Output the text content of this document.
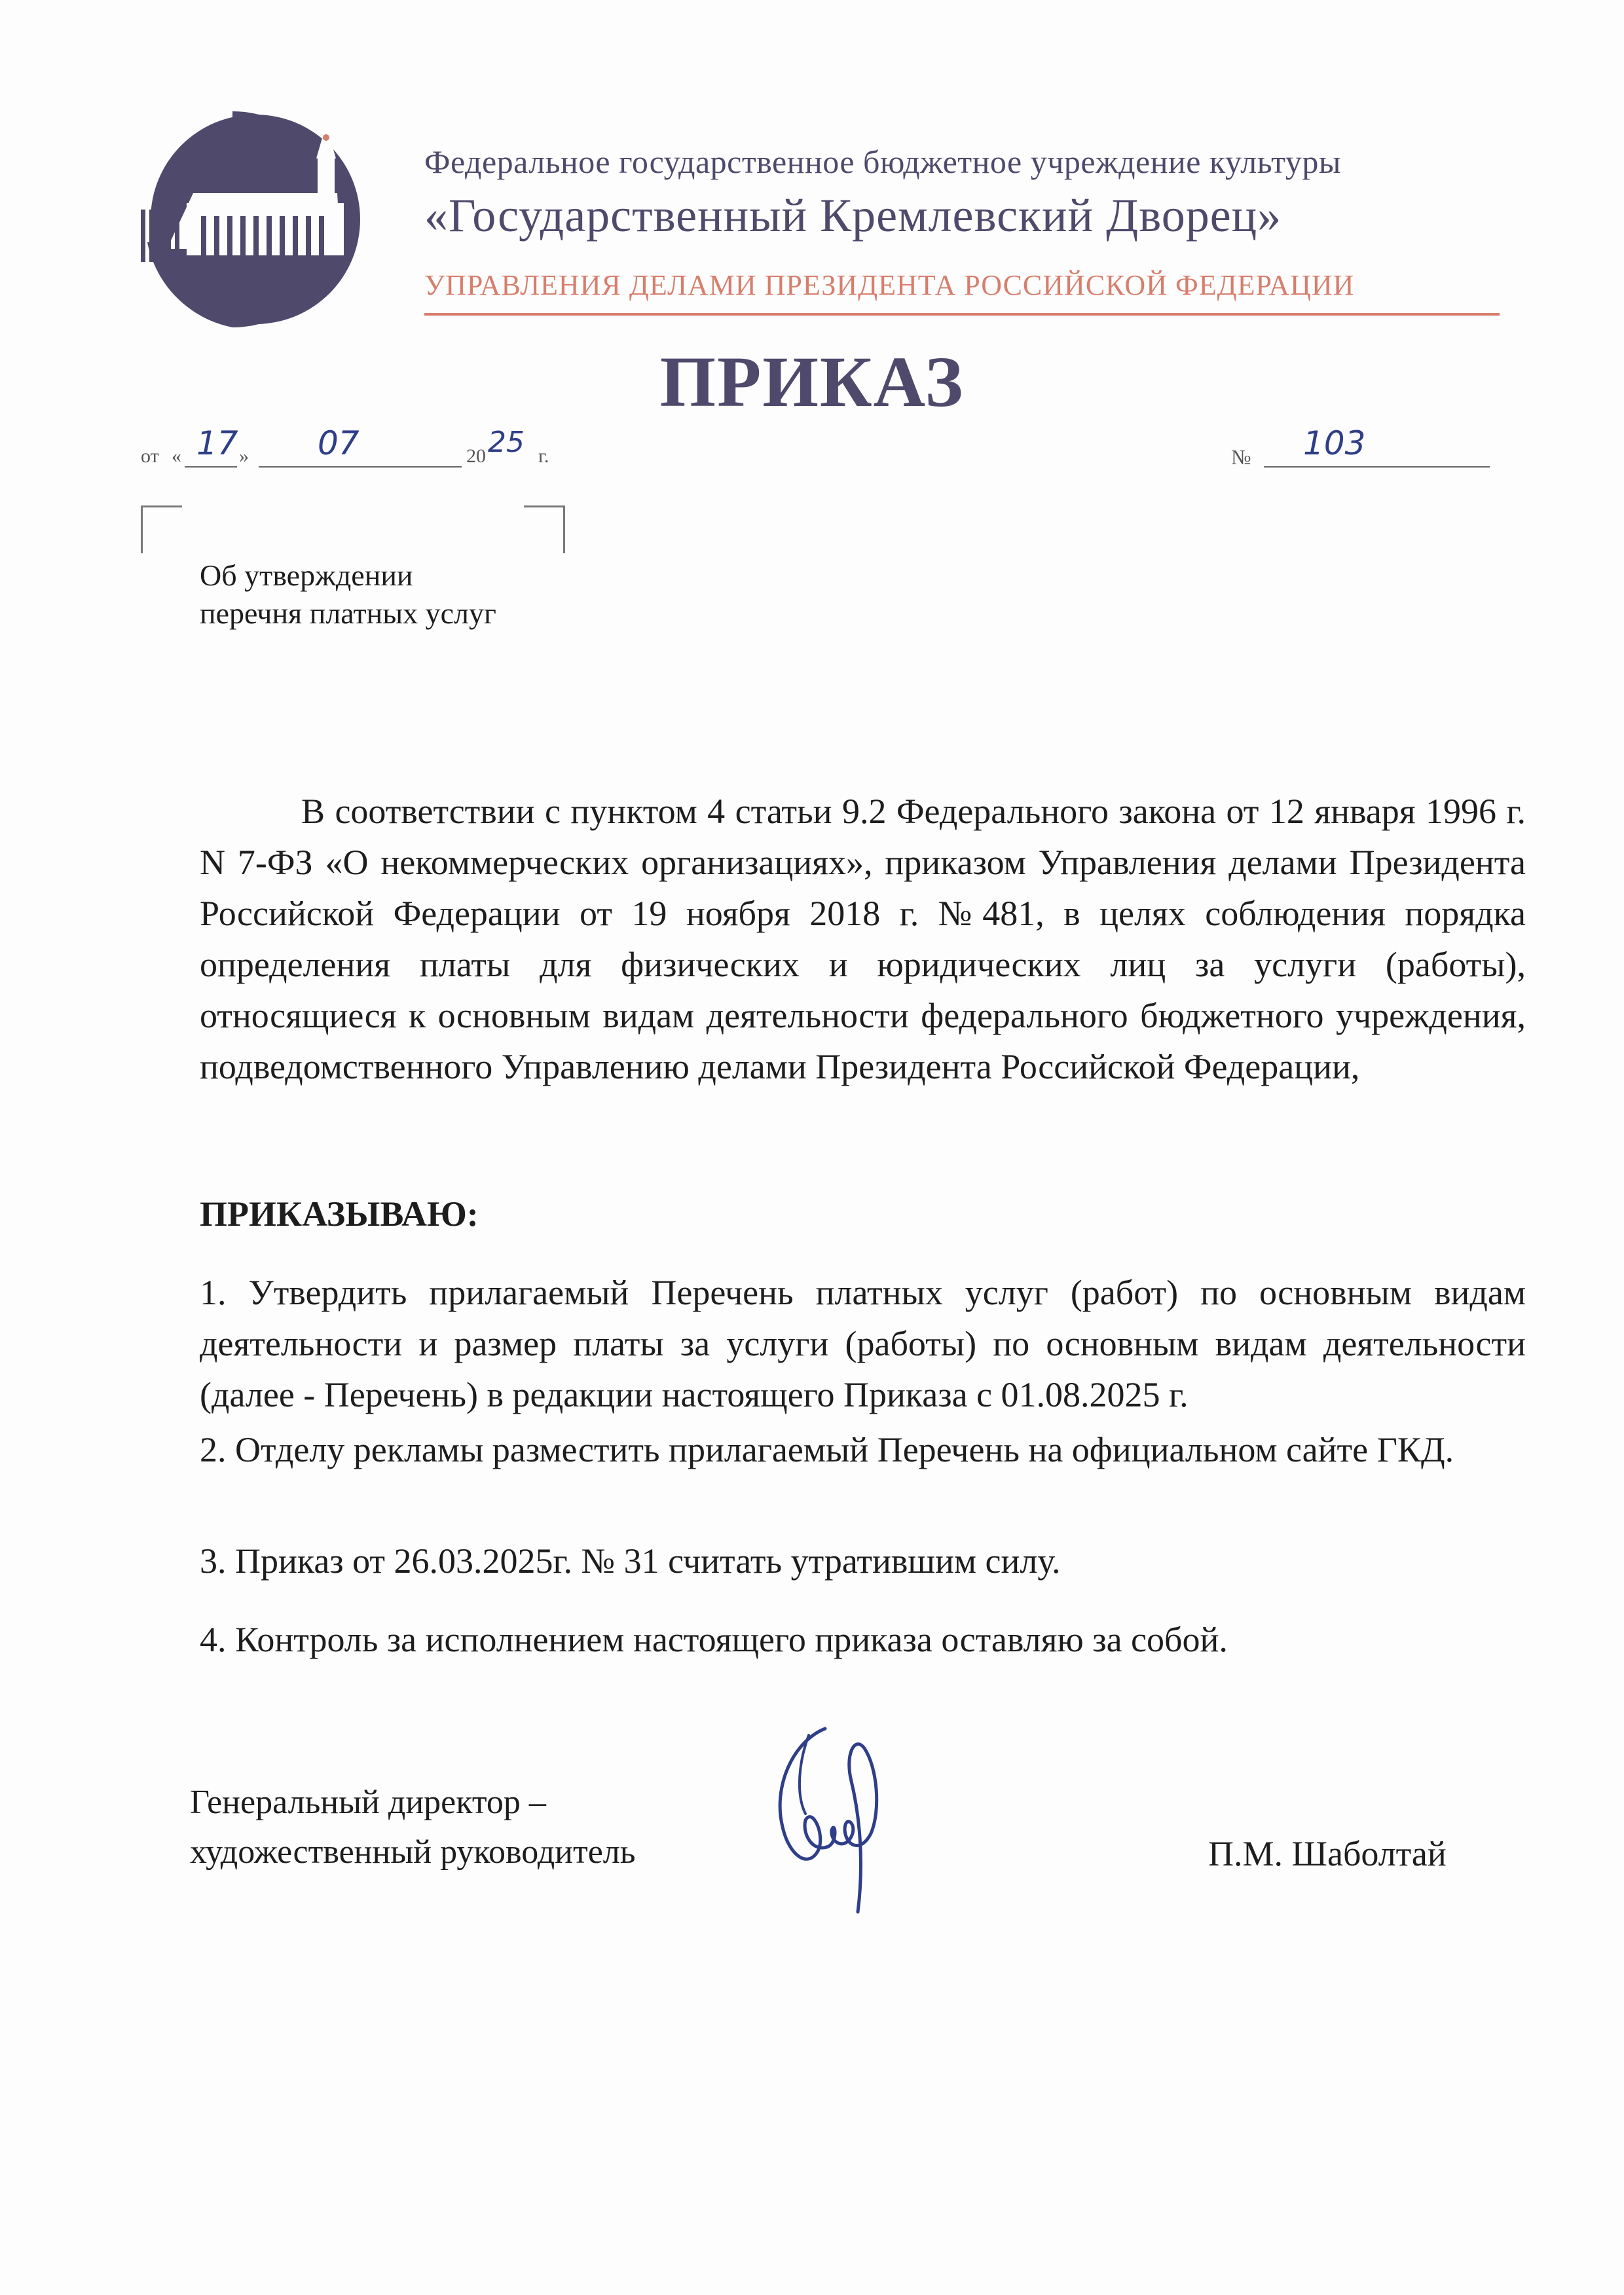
Федеральное государственное бюджетное учреждение культуры
«Государственный Кремлевский Дворец»
УПРАВЛЕНИЯ ДЕЛАМИ ПРЕЗИДЕНТА РОССИЙСКОЙ ФЕДЕРАЦИИ
ПРИКАЗ
от « 17 » 07	20 25 г.	№ 103
Об утверждении
перечня платных услуг
В соответствии с пунктом 4 статьи 9.2 Федерального закона от 12 января 1996 г. N 7-ФЗ «О некоммерческих организациях», приказом Управления делами Президента Российской Федерации от 19 ноября 2018 г. №481, в целях соблюдения порядка определения платы для физических и юридических лиц за услуги (работы), относящиеся к основным видам деятельности федерального бюджетного учреждения, подведомственного Управлению делами Президента Российской Федерации,
ПРИКАЗЫВАЮ:
1. Утвердить прилагаемый Перечень платных услуг (работ) по основным видам деятельности и размер платы за услуги (работы) по основным видам деятельности (далее - Перечень) в редакции настоящего Приказа с 01.08.2025 г.
2. Отделу рекламы разместить прилагаемый Перечень на официальном сайте ГКД.
3. Приказ от 26.03.2025г. № 31 считать утратившим силу.
4. Контроль за исполнением настоящего приказа оставляю за собой.
Генеральный директор –
художественный руководитель	П.М. Шаболтай
